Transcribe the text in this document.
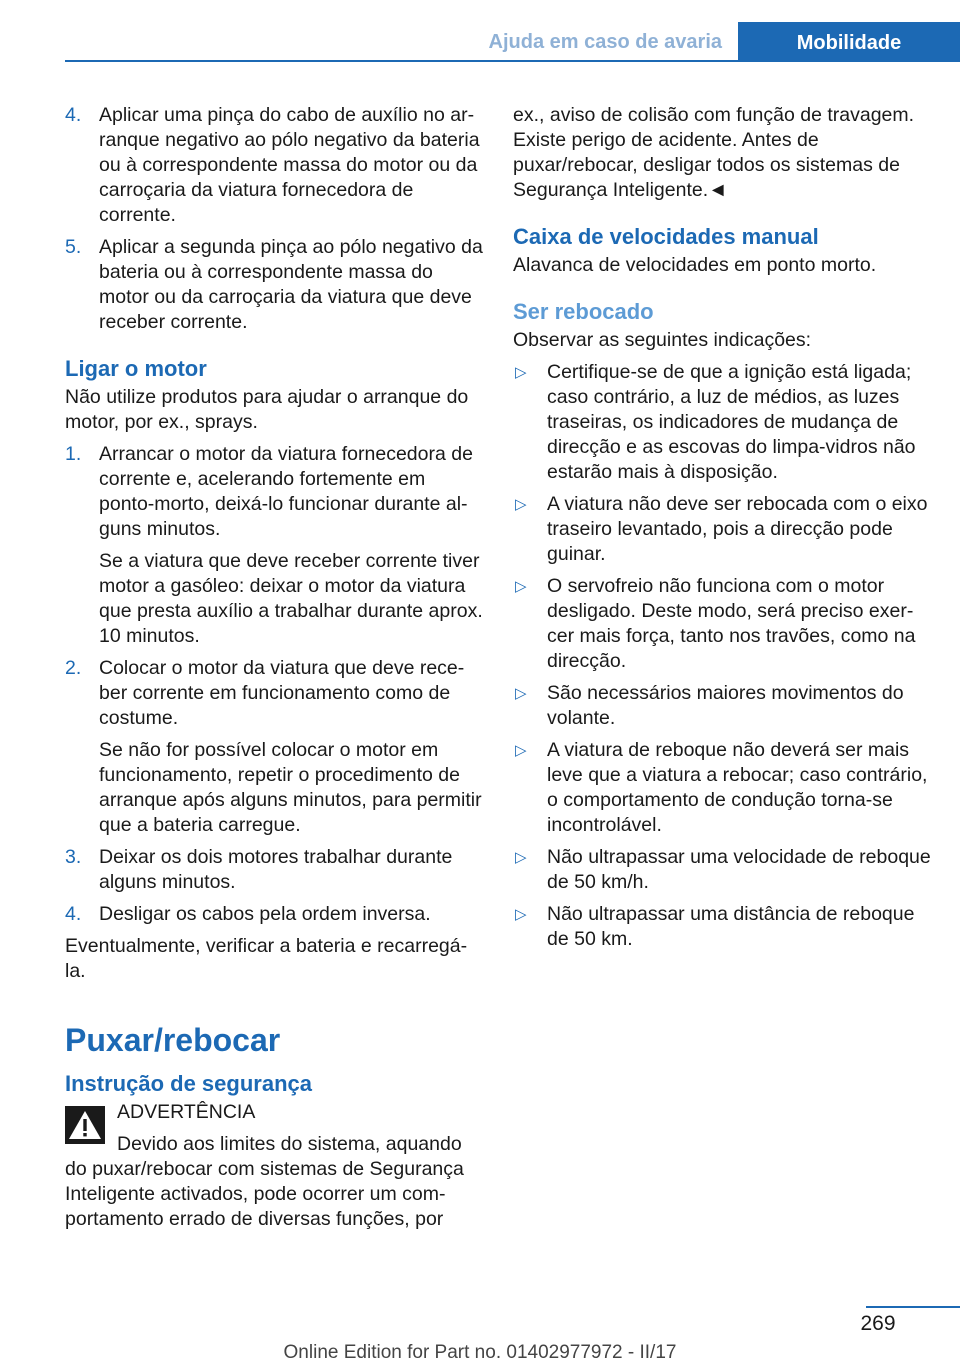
Ajuda em caso de avaria	Mobilidade
4. Aplicar uma pinça do cabo de auxílio no arranque negativo ao pólo negativo da bateria ou à correspondente massa do motor ou da carroçaria da viatura fornecedora de corrente.
5. Aplicar a segunda pinça ao pólo negativo da bateria ou à correspondente massa do motor ou da carroçaria da viatura que deve receber corrente.
Ligar o motor

Não utilize produtos para ajudar o arranque do motor, por ex., sprays.

1. Arrancar o motor da viatura fornecedora de corrente e, acelerando fortemente em ponto-morto, deixá-lo funcionar durante alguns minutos.
Se a viatura que deve receber corrente tiver motor a gasóleo: deixar o motor da viatura que presta auxílio a trabalhar durante aprox. 10 minutos.
2. Colocar o motor da viatura que deve receber corrente em funcionamento como de costume.
Se não for possível colocar o motor em funcionamento, repetir o procedimento de arranque após alguns minutos, para permitir que a bateria carregue.
3. Deixar os dois motores trabalhar durante alguns minutos.
4. Desligar os cabos pela ordem inversa.

Eventualmente, verificar a bateria e recarregá-la.

Puxar/rebocar
Instrução de segurança
ADVERTÊNCIA
Devido aos limites do sistema, aquando do puxar/rebocar com sistemas de Segurança Inteligente activados, pode ocorrer um comportamento errado de diversas funções, por

ex., aviso de colisão com função de travagem. Existe perigo de acidente. Antes de puxar/rebocar, desligar todos os sistemas de Segurança Inteligente.◄

Caixa de velocidades manual

Alavanca de velocidades em ponto morto.

Ser rebocado

Observar as seguintes indicações:

▷ Certifique-se de que a ignição está ligada; caso contrário, a luz de médios, as luzes traseiras, os indicadores de mudança de direcção e as escovas do limpa-vidros não estarão mais à disposição.
▷ A viatura não deve ser rebocada com o eixo traseiro levantado, pois a direcção pode guinar.
▷ O servofreio não funciona com o motor desligado. Deste modo, será preciso exercer mais força, tanto nos travões, como na direcção.
▷ São necessários maiores movimentos do volante.
▷ A viatura de reboque não deverá ser mais leve que a viatura a rebocar; caso contrário, o comportamento de condução torna-se incontrolável.
▷ Não ultrapassar uma velocidade de reboque de 50 km/h.
▷ Não ultrapassar uma distância de reboque de 50 km.
269
Online Edition for Part no. 01402977972 - II/17
